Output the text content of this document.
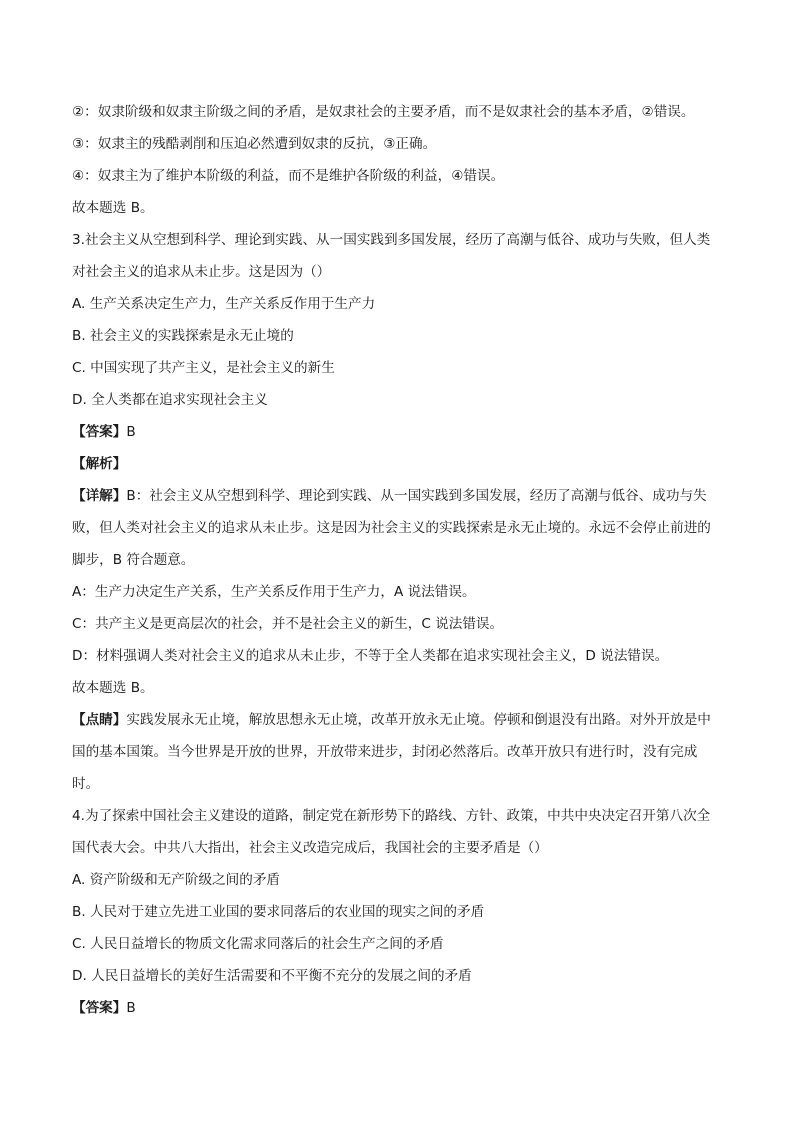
②：奴隶阶级和奴隶主阶级之间的矛盾，是奴隶社会的主要矛盾，而不是奴隶社会的基本矛盾，②错误。
③：奴隶主的残酷剥削和压迫必然遭到奴隶的反抗，③正确。
④：奴隶主为了维护本阶级的利益，而不是维护各阶级的利益，④错误。
故本题选 B。
3.社会主义从空想到科学、理论到实践、从一国实践到多国发展，经历了高潮与低谷、成功与失败，但人类对社会主义的追求从未止步。这是因为（）
A. 生产关系决定生产力，生产关系反作用于生产力
B. 社会主义的实践探索是永无止境的
C. 中国实现了共产主义，是社会主义的新生
D. 全人类都在追求实现社会主义
【答案】B
【解析】
【详解】B：社会主义从空想到科学、理论到实践、从一国实践到多国发展，经历了高潮与低谷、成功与失败，但人类对社会主义的追求从未止步。这是因为社会主义的实践探索是永无止境的。永远不会停止前进的脚步，B 符合题意。
A：生产力决定生产关系，生产关系反作用于生产力，A 说法错误。
C：共产主义是更高层次的社会，并不是社会主义的新生，C 说法错误。
D：材料强调人类对社会主义的追求从未止步，不等于全人类都在追求实现社会主义，D 说法错误。
故本题选 B。
【点睛】实践发展永无止境，解放思想永无止境，改革开放永无止境。停顿和倒退没有出路。对外开放是中国的基本国策。当今世界是开放的世界，开放带来进步，封闭必然落后。改革开放只有进行时，没有完成时。
4.为了探索中国社会主义建设的道路，制定党在新形势下的路线、方针、政策，中共中央决定召开第八次全国代表大会。中共八大指出，社会主义改造完成后，我国社会的主要矛盾是（）
A. 资产阶级和无产阶级之间的矛盾
B. 人民对于建立先进工业国的要求同落后的农业国的现实之间的矛盾
C. 人民日益增长的物质文化需求同落后的社会生产之间的矛盾
D. 人民日益增长的美好生活需要和不平衡不充分的发展之间的矛盾
【答案】B
